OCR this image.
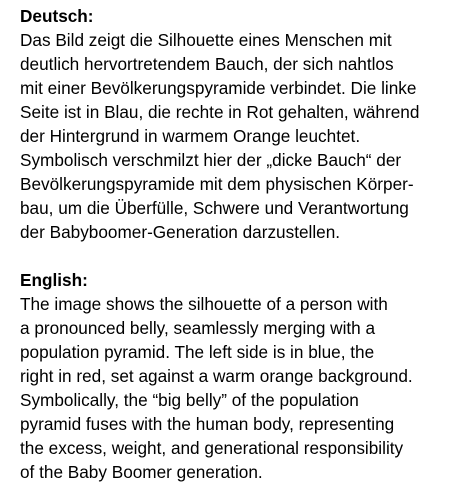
Deutsch:

Das Bild zeigt die Silhouette eines Menschen mit

deutlich hervortretendem Bauch, der sich nahtlos

mit einer Bevölkerungspyramide verbindet. Die linke

Seite ist in Blau, die rechte in Rot gehalten, während

der Hintergrund in warmem Orange leuchtet.

Symbolisch verschmilzt hier der „dicke Bauch“ der

Bevölkerungspyramide mit dem physischen Körper-

bau, um die Überfülle, Schwere und Verantwortung

der Babyboomer-Generation darzustellen.

English:

The image shows the silhouette of a person with

a pronounced belly, seamlessly merging with a

population pyramid. The left side is in blue, the

right in red, set against a warm orange background.

Symbolically, the “big belly” of the population

pyramid fuses with the human body, representing

the excess, weight, and generational responsibility

of the Baby Boomer generation.
